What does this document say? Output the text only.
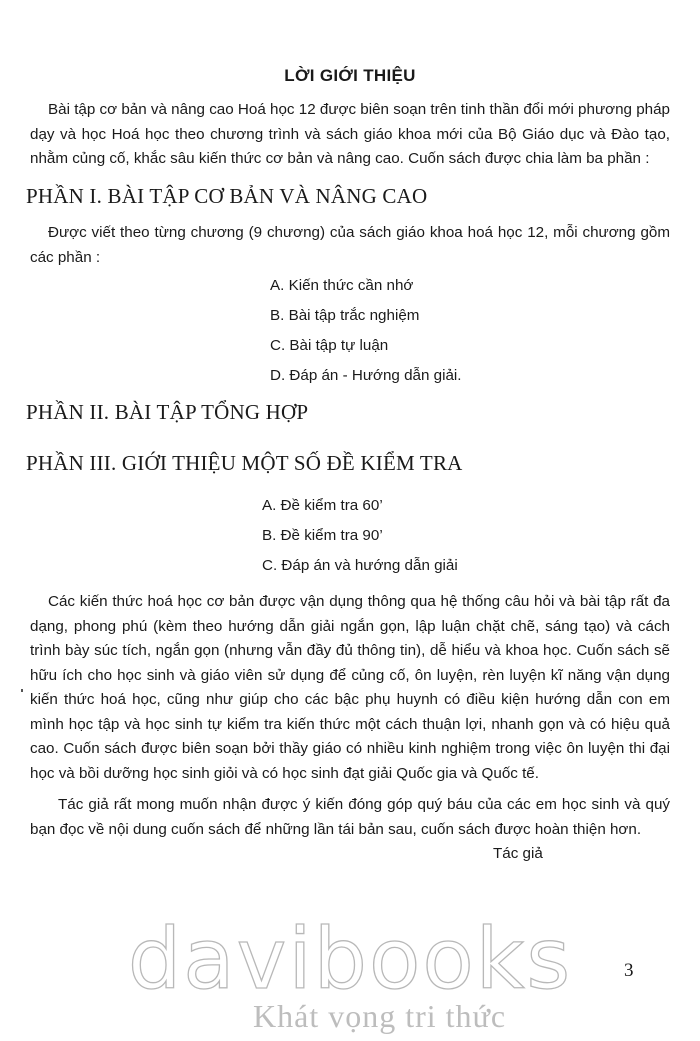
LỜI GIỚI THIỆU
Bài tập cơ bản và nâng cao Hoá học 12 được biên soạn trên tinh thần đổi mới phương pháp dạy và học Hoá học theo chương trình và sách giáo khoa mới của Bộ Giáo dục và Đào tạo, nhằm củng cố, khắc sâu kiến thức cơ bản và nâng cao. Cuốn sách được chia làm ba phần :
PHẦN I. BÀI TẬP CƠ BẢN VÀ NÂNG CAO
Được viết theo từng chương (9 chương) của sách giáo khoa hoá học 12, mỗi chương gồm các phần :
A. Kiến thức cần nhớ
B. Bài tập trắc nghiệm
C. Bài tập tự luận
D. Đáp án - Hướng dẫn giải.
PHẦN II. BÀI TẬP TỔNG HỢP
PHẦN III. GIỚI THIỆU MỘT SỐ ĐỀ KIỂM TRA
A. Đề kiểm tra 60’
B. Đề kiểm tra 90’
C. Đáp án và hướng dẫn giải
Các kiến thức hoá học cơ bản được vận dụng thông qua hệ thống câu hỏi và bài tập rất đa dạng, phong phú (kèm theo hướng dẫn giải ngắn gọn, lập luận chặt chẽ, sáng tạo) và cách trình bày súc tích, ngắn gọn (nhưng vẫn đầy đủ thông tin), dễ hiểu và khoa học. Cuốn sách sẽ hữu ích cho học sinh và giáo viên sử dụng để củng cố, ôn luyện, rèn luyện kĩ năng vận dụng kiến thức hoá học, cũng như giúp cho các bậc phụ huynh có điều kiện hướng dẫn con em mình học tập và học sinh tự kiểm tra kiến thức một cách thuận lợi, nhanh gọn và có hiệu quả cao. Cuốn sách được biên soạn bởi thầy giáo có nhiều kinh nghiệm trong việc ôn luyện thi đại học và bồi dưỡng học sinh giỏi và có học sinh đạt giải Quốc gia và Quốc tế.
Tác giả rất mong muốn nhận được ý kiến đóng góp quý báu của các em học sinh và quý bạn đọc về nội dung cuốn sách để những lần tái bản sau, cuốn sách được hoàn thiện hơn.
Tác giả
davibooks	3
Khát vọng tri thức
